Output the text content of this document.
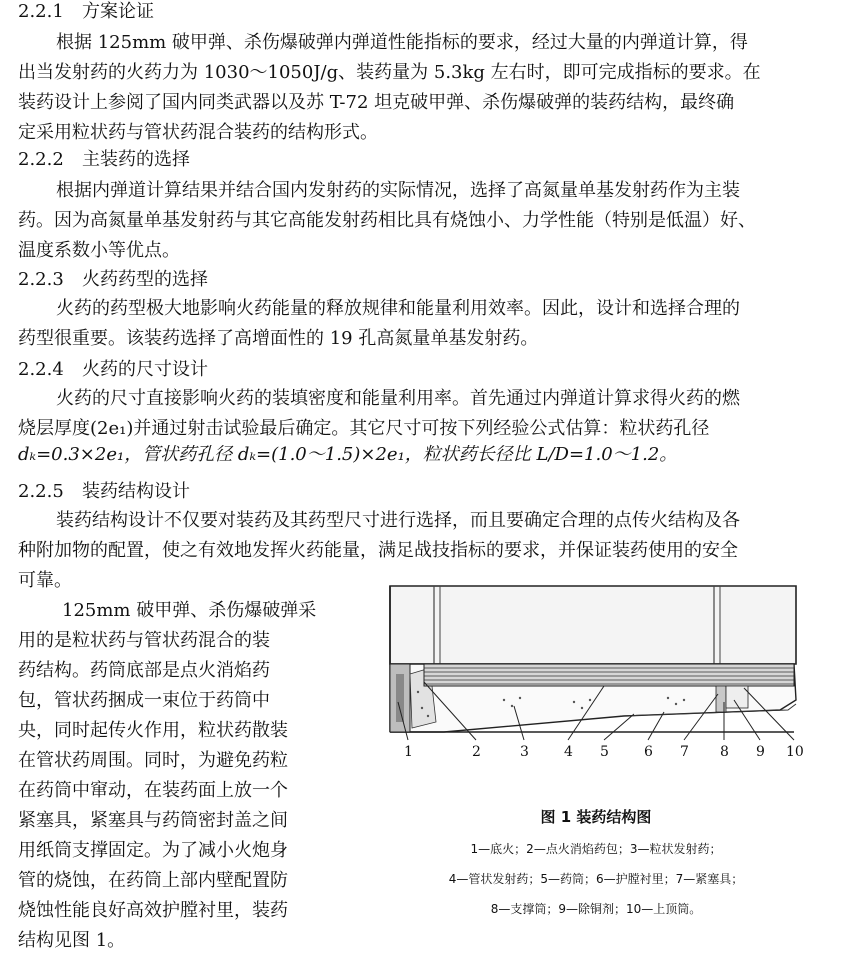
2.2.1 方案论证

根据 125mm 破甲弹、杀伤爆破弹内弹道性能指标的要求，经过大量的内弹道计算，得
出当发射药的火药力为 1030～1050J/g、装药量为 5.3kg 左右时，即可完成指标的要求。在
装药设计上参阅了国内同类武器以及苏 T-72 坦克破甲弹、杀伤爆破弹的装药结构，最终确
定采用粒状药与管状药混合装药的结构形式。

2.2.2 主装药的选择

根据内弹道计算结果并结合国内发射药的实际情况，选择了高氮量单基发射药作为主装
药。因为高氮量单基发射药与其它高能发射药相比具有烧蚀小、力学性能（特别是低温）好、
温度系数小等优点。

2.2.3 火药药型的选择

火药的药型极大地影响火药能量的释放规律和能量利用效率。因此，设计和选择合理的
药型很重要。该装药选择了高增面性的 19 孔高氮量单基发射药。

2.2.4 火药的尺寸设计

火药的尺寸直接影响火药的装填密度和能量利用率。首先通过内弹道计算求得火药的燃
烧层厚度(2e₁)并通过射击试验最后确定。其它尺寸可按下列经验公式估算：粒状药孔径

dₖ=0.3×2e₁，管状药孔径 dₖ=(1.0～1.5)×2e₁，粒状药长径比 L/D=1.0～1.2。
2.2.5 装药结构设计

装药结构设计不仅要对装药及其药型尺寸进行选择，而且要确定合理的点传火结构及各
种附加物的配置，使之有效地发挥火药能量，满足战技指标的要求，并保证装药使用的安全
可靠。

125mm 破甲弹、杀伤爆破弹采
用的是粒状药与管状药混合的装
药结构。药筒底部是点火消焰药
包，管状药捆成一束位于药筒中
央，同时起传火作用，粒状药散装
在管状药周围。同时，为避免药粒
在药筒中窜动，在装药面上放一个
紧塞具，紧塞具与药筒密封盖之间
用纸筒支撑固定。为了减小火炮身
管的烧蚀，在药筒上部内壁配置防
烧蚀性能良好高效护膛衬里，装药
结构见图 1。

1	2	3	4 5	6 7 8 9 10
图 1 装药结构图
1—底火；2—点火消焰药包；3—粒状发射药；
4—管状发射药；5—药筒；6—护膛衬里；7—紧塞具；
8—支撑筒；9—除铜剂；10—上顶筒。
